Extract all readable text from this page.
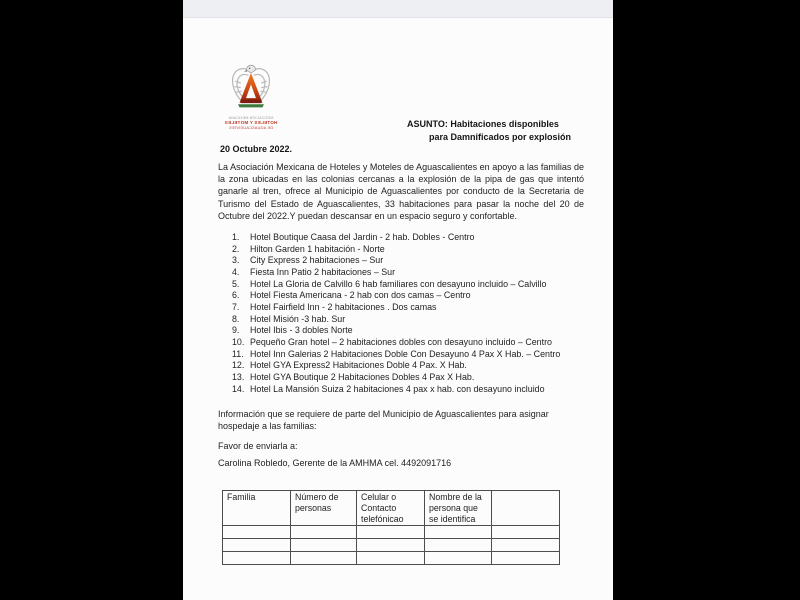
ASOCIACION MEXICANA
HOTELES Y MOTELES
DE AGUASCALIENTES	ASUNTO: Habitaciones disponibles
para Damnificados por explosión
20 Octubre 2022.
La Asociación Mexicana de Hoteles y Moteles de Aguascalientes en apoyo a las familias de la zona ubicadas en las colonias cercanas a la explosión de la pipa de gas que intentó ganarle al tren, ofrece al Municipio de Aguascalientes por conducto de la Secretaria de Turismo del Estado de Aguascalientes, 33 habitaciones para pasar la noche del 20 de Octubre del 2022.Y puedan descansar en un espacio seguro y confortable.
1.	Hotel Boutique Caasa del Jardin - 2 hab. Dobles - Centro
2.	Hilton Garden 1 habitación - Norte
3.	City Express 2 habitaciones – Sur
4.	Fiesta Inn Patio 2 habitaciones – Sur
5.	Hotel La Gloria de Calvillo 6 hab familiares con desayuno incluido – Calvillo
6.	Hotel Fiesta Americana - 2 hab con dos camas – Centro
7.	Hotel Fairfield Inn - 2 habitaciones . Dos camas
8.	Hotel Misión -3 hab. Sur
9.	Hotel Ibis - 3 dobles Norte
10. Pequeño Gran hotel – 2 habitaciones dobles con desayuno incluido – Centro
11. Hotel Inn Galerias 2 Habitaciones Doble Con Desayuno 4 Pax X Hab. – Centro
12. Hotel GYA Express2 Habitaciones Doble 4 Pax. X Hab.
13. Hotel GYA Boutique 2 Habitaciones Dobles 4 Pax X Hab.
14. Hotel La Mansión Suiza 2 habitaciones 4 pax x hab. con desayuno incluido
Información que se requiere de parte del Municipio de Aguascalientes para asignar hospedaje a las familias:
Favor de enviarla a:
Carolina Robledo, Gerente de la AMHMA cel. 4492091716
Familia	Número de personas	Celular o Contacto telefónicao	Nombre de la persona que se identifica	
